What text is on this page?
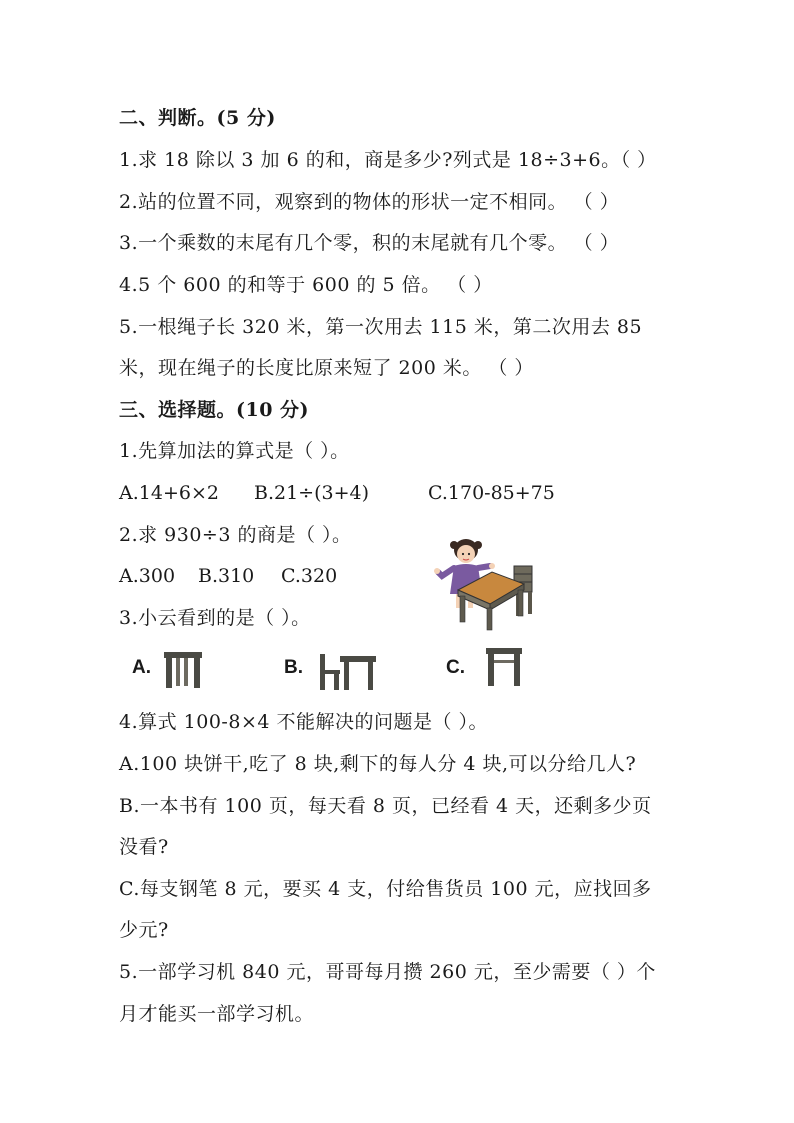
二、判断。(5 分)
1.求 18 除以 3 加 6 的和，商是多少?列式是 18÷3+6。（ ）
2.站的位置不同，观察到的物体的形状一定不相同。 （ ）
3.一个乘数的末尾有几个零，积的末尾就有几个零。 （ ）
4.5 个 600 的和等于 600 的 5 倍。 （ ）
5.一根绳子长 320 米，第一次用去 115 米，第二次用去 85
米，现在绳子的长度比原来短了 200 米。 （ ）
三、选择题。(10 分)
1.先算加法的算式是（ ）。
A.14+6×2 B.21÷(3+4)	C.170-85+75
2.求 930÷3 的商是（ ）。
A.300 B.310 C.320
3.小云看到的是（ ）。
A.	B.	C.
4.算式 100-8×4 不能解决的问题是（ ）。
A.100 块饼干,吃了 8 块,剩下的每人分 4 块,可以分给几人?
B.一本书有 100 页，每天看 8 页，已经看 4 天，还剩多少页
没看?
C.每支钢笔 8 元，要买 4 支，付给售货员 100 元，应找回多
少元?
5.一部学习机 840 元，哥哥每月攒 260 元，至少需要（ ）个
月才能买一部学习机。
